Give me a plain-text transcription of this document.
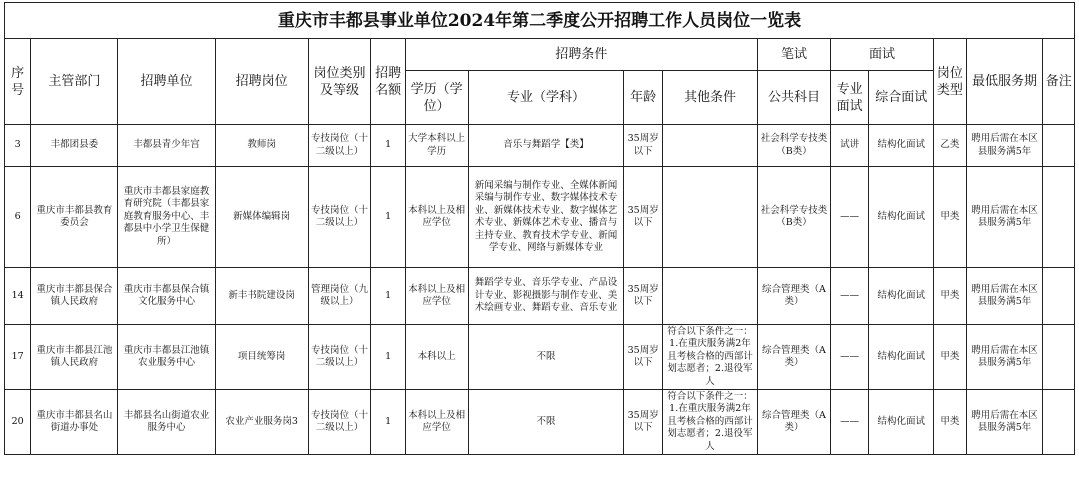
重庆市丰都县事业单位2024年第二季度公开招聘工作人员岗位一览表
序号	主管部门	招聘单位	招聘岗位	岗位类别及等级	招聘名额	招聘条件				笔试	面试		岗位类型	最低服务期	备注
						学历（学位）	专业（学科）	年龄	其他条件	公共科目	专业面试	综合面试			
3	丰都团县委	丰都县青少年宫	教师岗	专技岗位（十二级以上）	1	大学本科以上学历	音乐与舞蹈学【类】	35周岁以下		社会科学专技类（B类）	试讲	结构化面试	乙类	聘用后需在本区县服务满5年	
6	重庆市丰都县教育委员会	重庆市丰都县家庭教育研究院（丰都县家庭教育服务中心、丰都县中小学卫生保健所）	新媒体编辑岗	专技岗位（十二级以上）	1	本科以上及相应学位	新闻采编与制作专业、全媒体新闻采编与制作专业、数字媒体技术专业、新媒体技术专业、数字媒体艺术专业、新媒体艺术专业、播音与主持专业、教育技术学专业、新闻学专业、网络与新媒体专业	35周岁以下		社会科学专技类（B类）	——	结构化面试	甲类	聘用后需在本区县服务满5年	
14	重庆市丰都县保合镇人民政府	重庆市丰都县保合镇文化服务中心	新丰书院建设岗	管理岗位（九级以上）	1	本科以上及相应学位	舞蹈学专业、音乐学专业、产品设计专业、影视摄影与制作专业、美术绘画专业、舞蹈专业、音乐专业	35周岁以下		综合管理类（A类）	——	结构化面试	甲类	聘用后需在本区县服务满5年	
17	重庆市丰都县江池镇人民政府	重庆市丰都县江池镇农业服务中心	项目统筹岗	专技岗位（十二级以上）	1	本科以上	不限	35周岁以下	符合以下条件之一：1.在重庆服务满2年且考核合格的西部计划志愿者；2.退役军人	综合管理类（A类）	——	结构化面试	甲类	聘用后需在本区县服务满5年	
20	重庆市丰都县名山街道办事处	丰都县名山街道农业服务中心	农业产业服务岗3	专技岗位（十二级以上）	1	本科以上及相应学位	不限	35周岁以下	符合以下条件之一：1.在重庆服务满2年且考核合格的西部计划志愿者；2.退役军人	综合管理类（A类）	——	结构化面试	甲类	聘用后需在本区县服务满5年	
